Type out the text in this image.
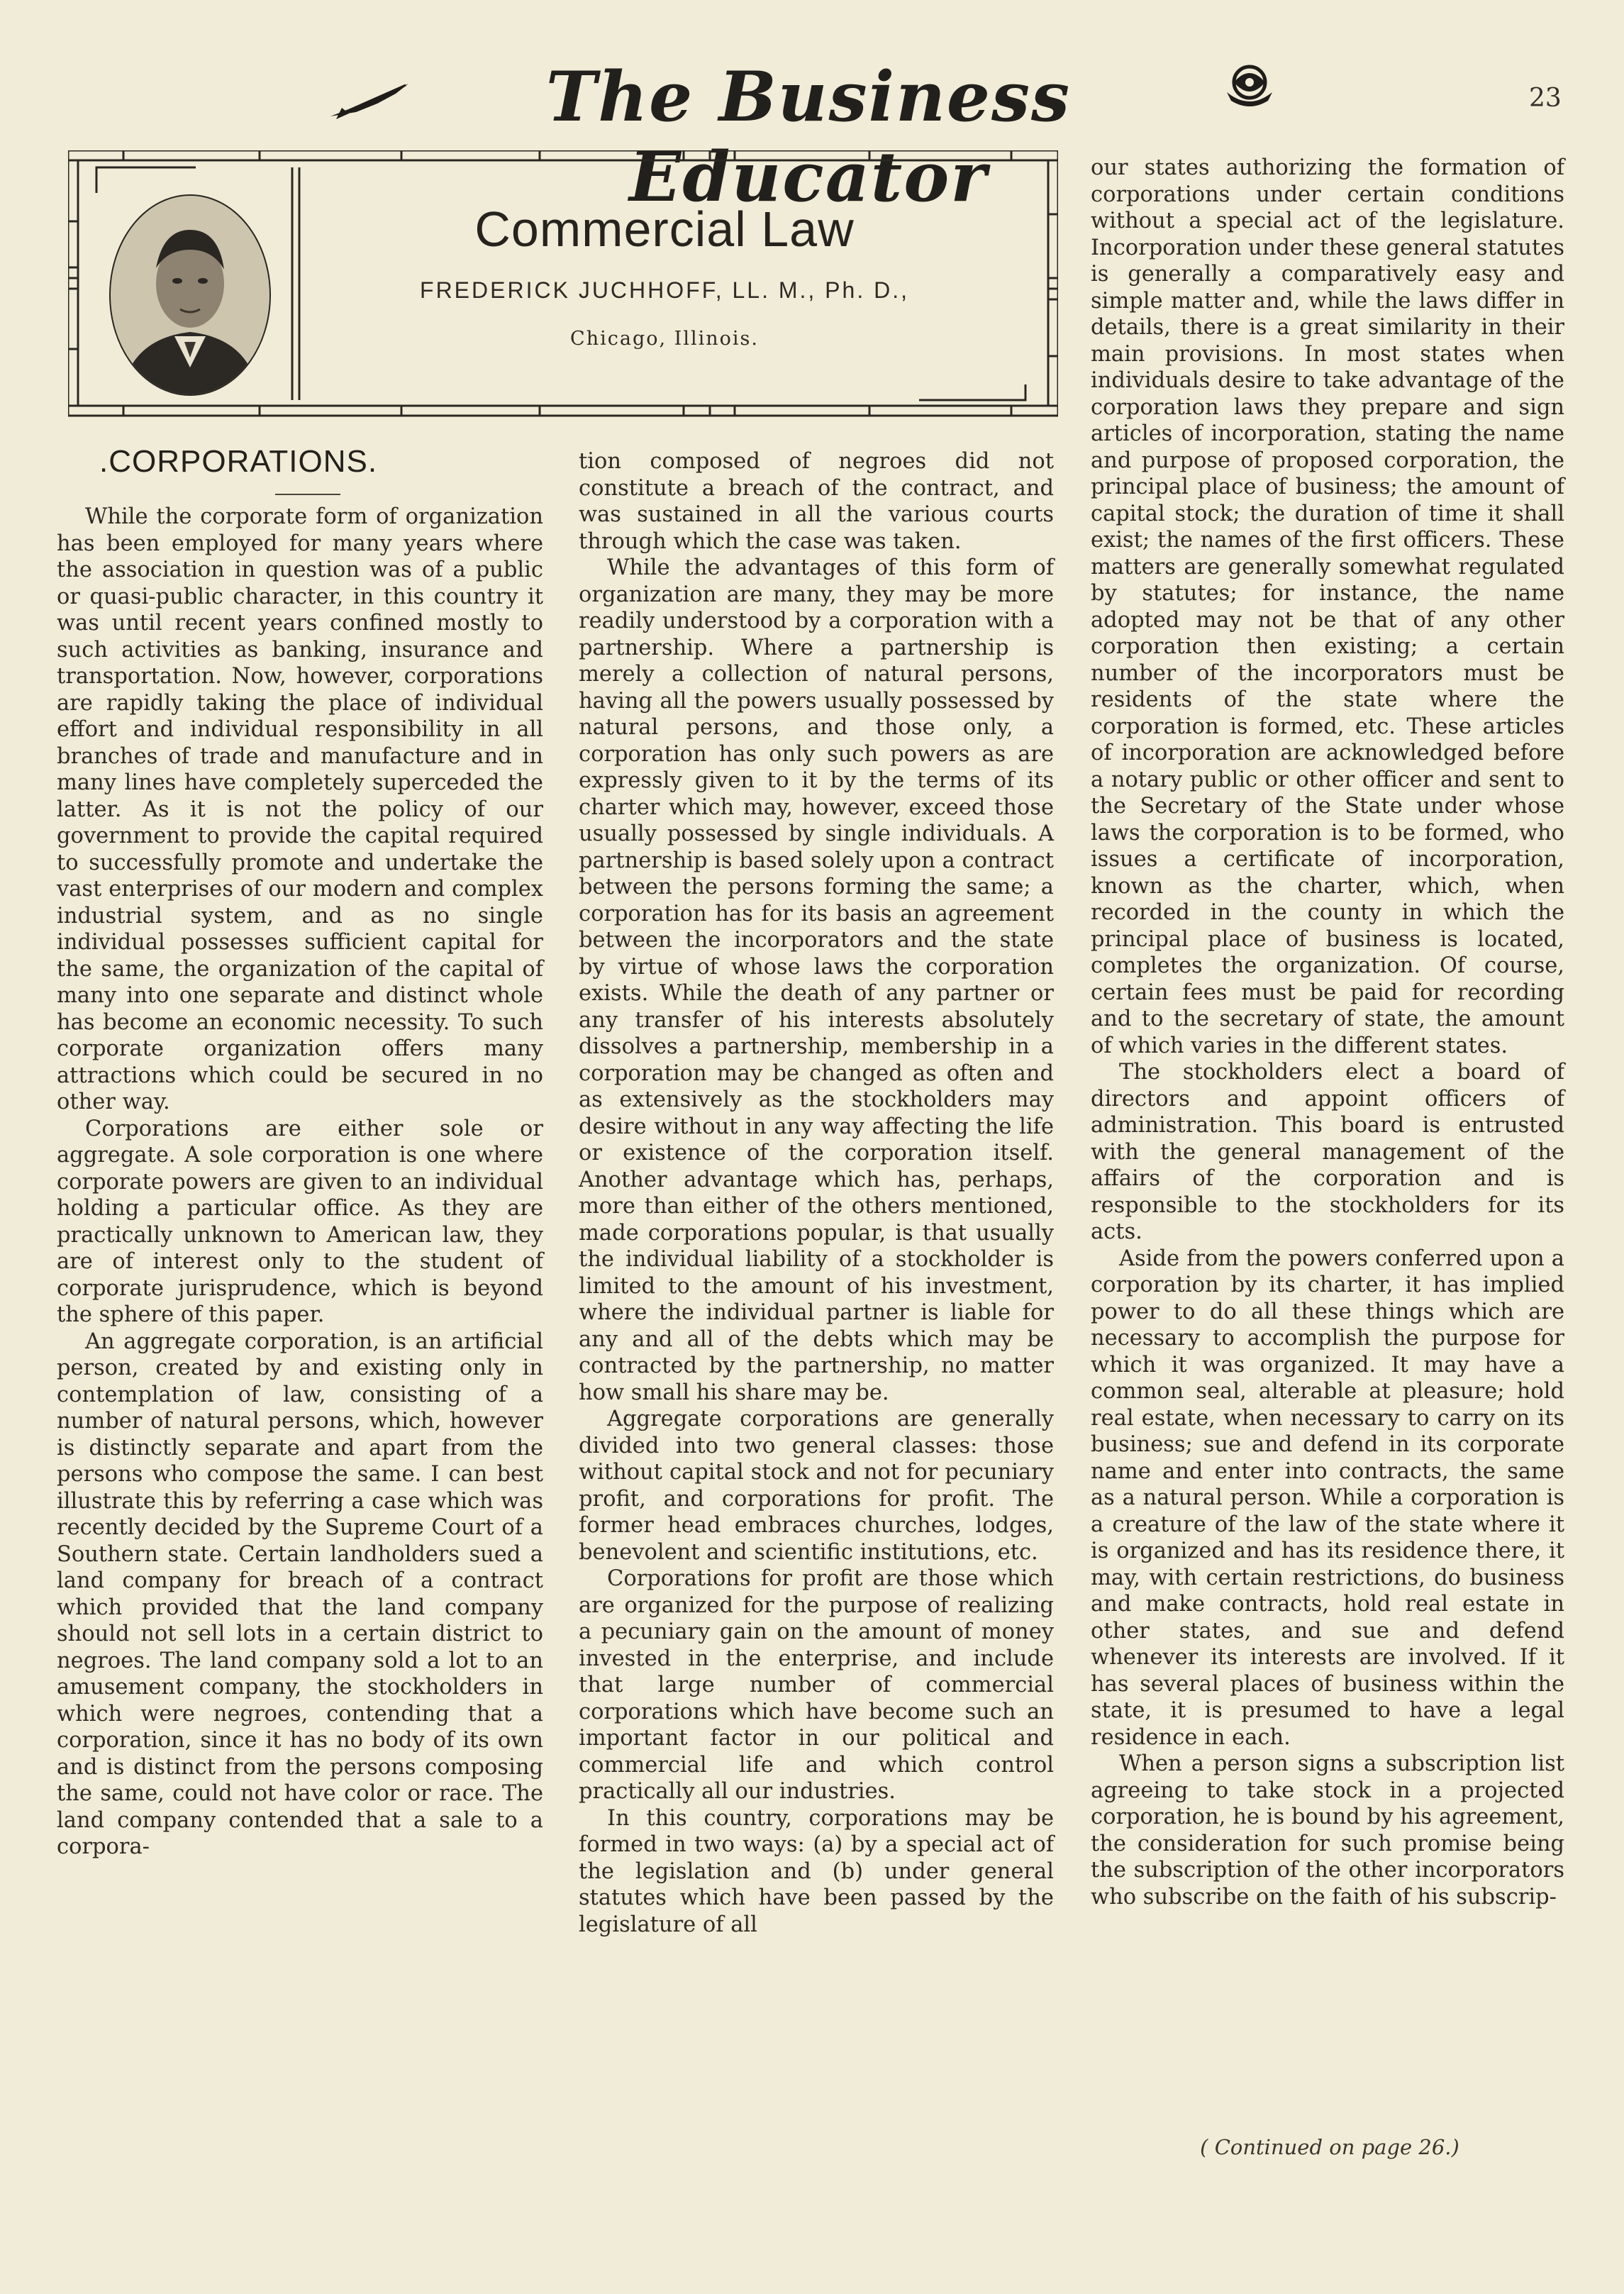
The Business Educator
23
Commercial Law
FREDERICK JUCHHOFF, LL. M., Ph. D.,
Chicago, Illinois.
.CORPORATIONS.

While the corporate form of organization has been employed for many years where the association in question was of a public or quasi-public character, in this country it was until recent years confined mostly to such activities as banking, insurance and transportation. Now, however, corporations are rapidly taking the place of individual effort and individual responsibility in all branches of trade and manufacture and in many lines have completely superceded the latter. As it is not the policy of our government to provide the capital required to successfully promote and undertake the vast enterprises of our modern and complex industrial system, and as no single individual possesses sufficient capital for the same, the organization of the capital of many into one separate and distinct whole has become an economic necessity. To such corporate organization offers many attractions which could be secured in no other way.

Corporations are either sole or aggregate. A sole corporation is one where corporate powers are given to an individual holding a particular office. As they are practically unknown to American law, they are of interest only to the student of corporate jurisprudence, which is beyond the sphere of this paper.

An aggregate corporation, is an artificial person, created by and existing only in contemplation of law, consisting of a number of natural persons, which, however is distinctly separate and apart from the persons who compose the same. I can best illustrate this by referring a case which was recently decided by the Supreme Court of a Southern state. Certain landholders sued a land company for breach of a contract which provided that the land company should not sell lots in a certain district to negroes. The land company sold a lot to an amusement company, the stockholders in which were negroes, contending that a corporation, since it has no body of its own and is distinct from the persons composing the same, could not have color or race. The land company contended that a sale to a corpora-

tion composed of negroes did not constitute a breach of the contract, and was sustained in all the various courts through which the case was taken.

While the advantages of this form of organization are many, they may be more readily understood by a corporation with a partnership. Where a partnership is merely a collection of natural persons, having all the powers usually possessed by natural persons, and those only, a corporation has only such powers as are expressly given to it by the terms of its charter which may, however, exceed those usually possessed by single individuals. A partnership is based solely upon a contract between the persons forming the same; a corporation has for its basis an agreement between the incorporators and the state by virtue of whose laws the corporation exists. While the death of any partner or any transfer of his interests absolutely dissolves a partnership, membership in a corporation may be changed as often and as extensively as the stockholders may desire without in any way affecting the life or existence of the corporation itself. Another advantage which has, perhaps, more than either of the others mentioned, made corporations popular, is that usually the individual liability of a stockholder is limited to the amount of his investment, where the individual partner is liable for any and all of the debts which may be contracted by the partnership, no matter how small his share may be.

Aggregate corporations are generally divided into two general classes: those without capital stock and not for pecuniary profit, and corporations for profit. The former head embraces churches, lodges, benevolent and scientific institutions, etc.

Corporations for profit are those which are organized for the purpose of realizing a pecuniary gain on the amount of money invested in the enterprise, and include that large number of commercial corporations which have become such an important factor in our political and commercial life and which control practically all our industries.

In this country, corporations may be formed in two ways: (a) by a special act of the legislation and (b) under general statutes which have been passed by the legislature of all

our states authorizing the formation of corporations under certain conditions without a special act of the legislature. Incorporation under these general statutes is generally a comparatively easy and simple matter and, while the laws differ in details, there is a great similarity in their main provisions. In most states when individuals desire to take advantage of the corporation laws they prepare and sign articles of incorporation, stating the name and purpose of proposed corporation, the principal place of business; the amount of capital stock; the duration of time it shall exist; the names of the first officers. These matters are generally somewhat regulated by statutes; for instance, the name adopted may not be that of any other corporation then existing; a certain number of the incorporators must be residents of the state where the corporation is formed, etc. These articles of incorporation are acknowledged before a notary public or other officer and sent to the Secretary of the State under whose laws the corporation is to be formed, who issues a certificate of incorporation, known as the charter, which, when recorded in the county in which the principal place of business is located, completes the organization. Of course, certain fees must be paid for recording and to the secretary of state, the amount of which varies in the different states.

The stockholders elect a board of directors and appoint officers of administration. This board is entrusted with the general management of the affairs of the corporation and is responsible to the stockholders for its acts.

Aside from the powers conferred upon a corporation by its charter, it has implied power to do all these things which are necessary to accomplish the purpose for which it was organized. It may have a common seal, alterable at pleasure; hold real estate, when necessary to carry on its business; sue and defend in its corporate name and enter into contracts, the same as a natural person. While a corporation is a creature of the law of the state where it is organized and has its residence there, it may, with certain restrictions, do business and make contracts, hold real estate in other states, and sue and defend whenever its interests are involved. If it has several places of business within the state, it is presumed to have a legal residence in each.

When a person signs a subscription list agreeing to take stock in a projected corporation, he is bound by his agreement, the consideration for such promise being the subscription of the other incorporators who subscribe on the faith of his subscrip-

( Continued on page 26.)
